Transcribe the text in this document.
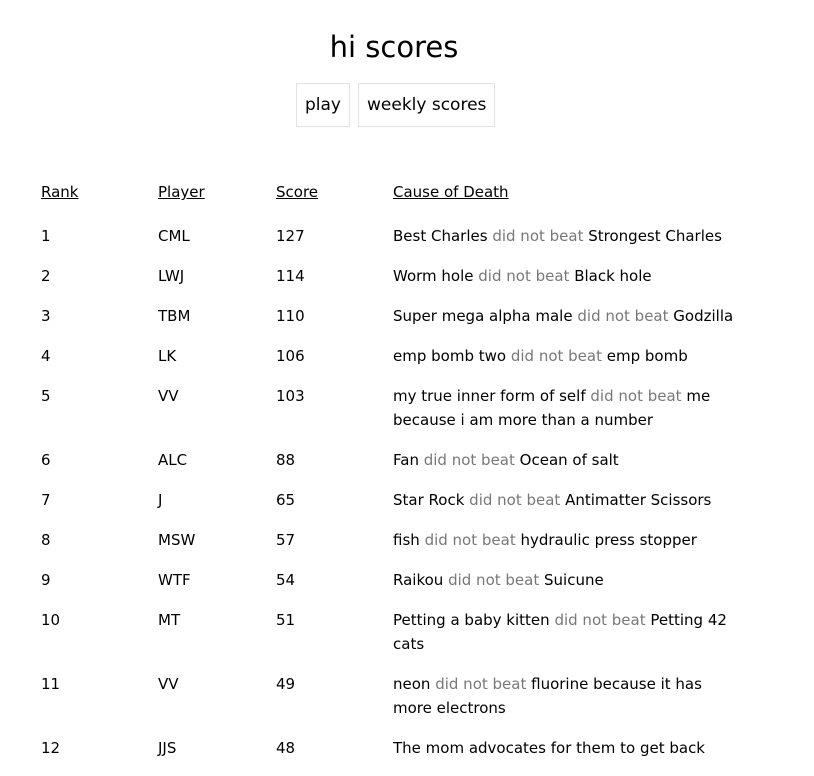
hi scores
play	weekly scores
Rank	Player	Score	Cause of Death
1	CML	127	Best Charles did not beat Strongest Charles
2	LWJ	114	Worm hole did not beat Black hole
3	TBM	110	Super mega alpha male did not beat Godzilla
4	LK	106	emp bomb two did not beat emp bomb
5	VV	103	my true inner form of self did not beat me because i am more than a number
6	ALC	88	Fan did not beat Ocean of salt
7	J	65	Star Rock did not beat Antimatter Scissors
8	MSW	57	fish did not beat hydraulic press stopper
9	WTF	54	Raikou did not beat Suicune
10	MT	51	Petting a baby kitten did not beat Petting 42 cats
11	VV	49	neon did not beat fluorine because it has more electrons
12	JJS	48	The mom advocates for them to get back
